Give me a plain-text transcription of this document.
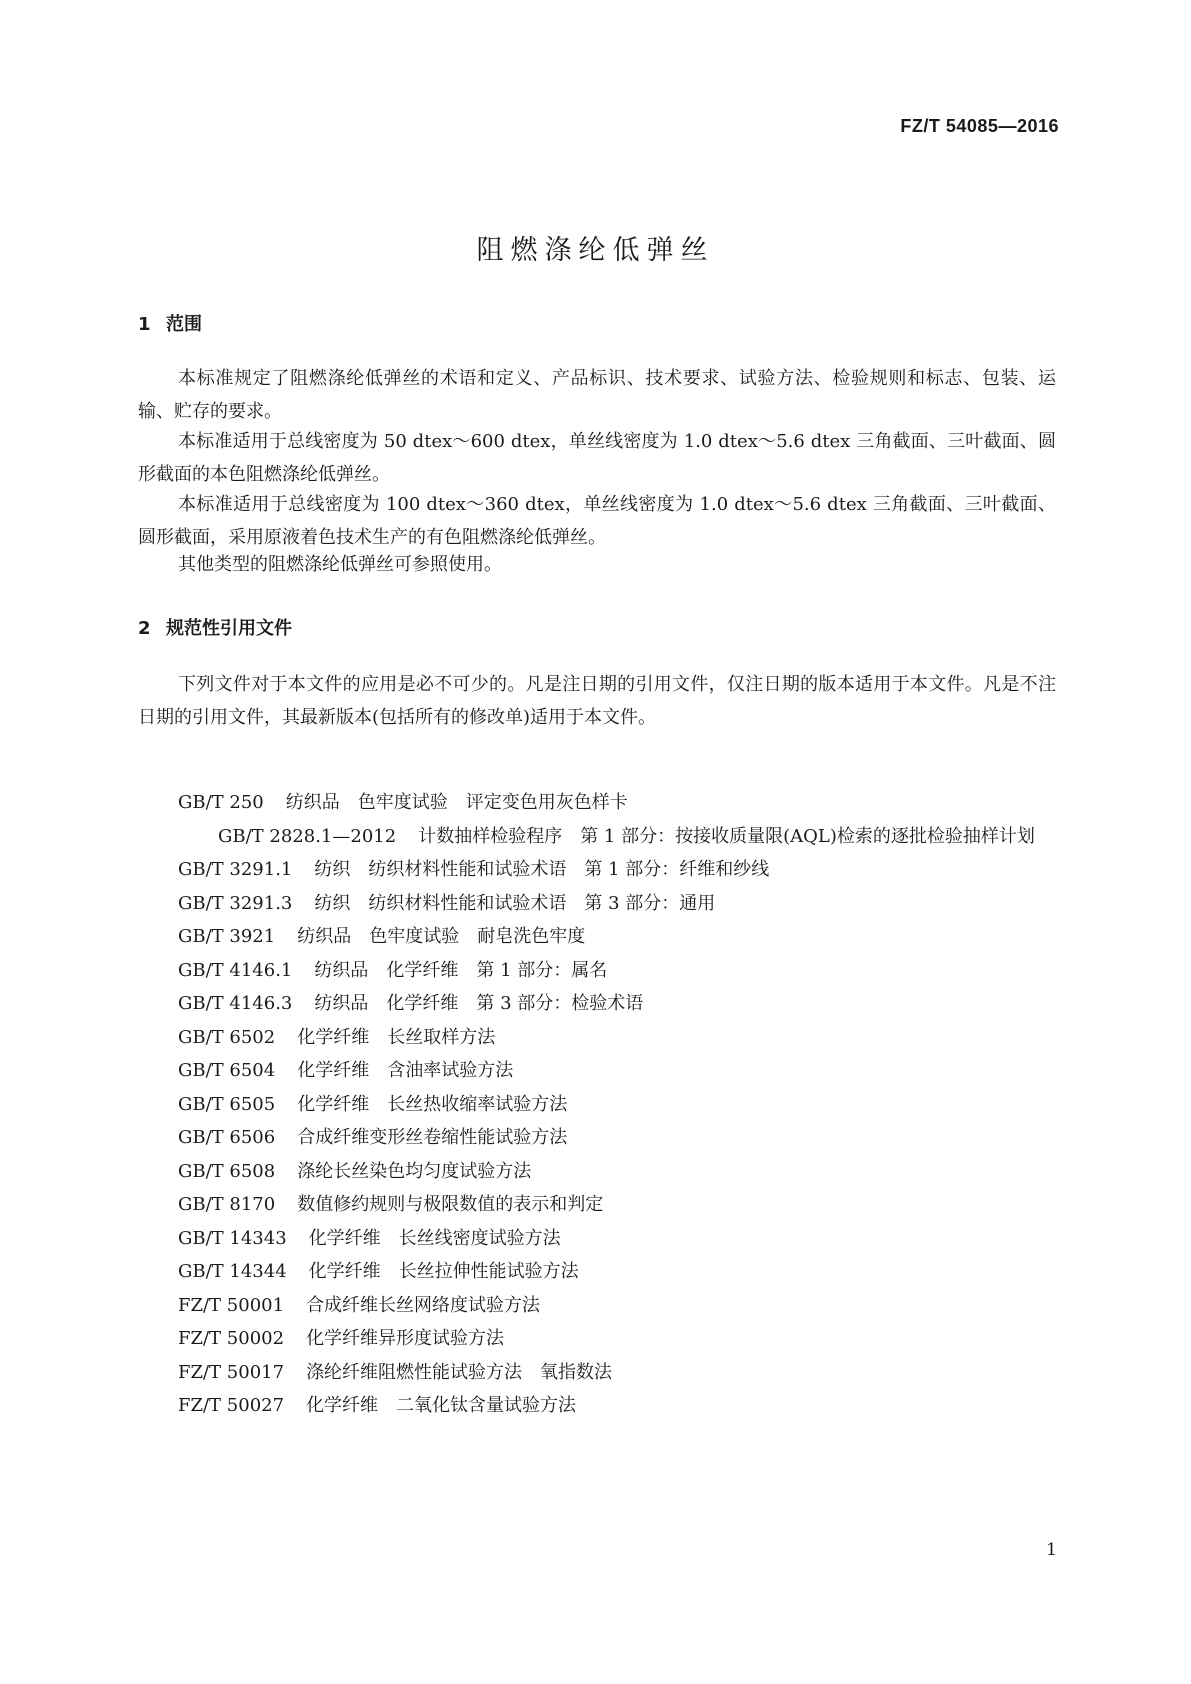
FZ/T 54085—2016
阻燃涤纶低弹丝
1 范围

本标准规定了阻燃涤纶低弹丝的术语和定义、产品标识、技术要求、试验方法、检验规则和标志、包装、运输、贮存的要求。

本标准适用于总线密度为 50 dtex～600 dtex，单丝线密度为 1.0 dtex～5.6 dtex 三角截面、三叶截面、圆形截面的本色阻燃涤纶低弹丝。

本标准适用于总线密度为 100 dtex～360 dtex，单丝线密度为 1.0 dtex～5.6 dtex 三角截面、三叶截面、圆形截面，采用原液着色技术生产的有色阻燃涤纶低弹丝。

其他类型的阻燃涤纶低弹丝可参照使用。

2 规范性引用文件

下列文件对于本文件的应用是必不可少的。凡是注日期的引用文件，仅注日期的版本适用于本文件。凡是不注日期的引用文件，其最新版本(包括所有的修改单)适用于本文件。

GB/T 250 纺织品　色牢度试验　评定变色用灰色样卡

GB/T 2828.1—2012 计数抽样检验程序　第 1 部分：按接收质量限(AQL)检索的逐批检验抽样计划

GB/T 3291.1 纺织　纺织材料性能和试验术语　第 1 部分：纤维和纱线

GB/T 3291.3 纺织　纺织材料性能和试验术语　第 3 部分：通用

GB/T 3921 纺织品　色牢度试验　耐皂洗色牢度

GB/T 4146.1 纺织品　化学纤维　第 1 部分：属名

GB/T 4146.3 纺织品　化学纤维　第 3 部分：检验术语

GB/T 6502 化学纤维　长丝取样方法

GB/T 6504 化学纤维　含油率试验方法

GB/T 6505 化学纤维　长丝热收缩率试验方法

GB/T 6506 合成纤维变形丝卷缩性能试验方法

GB/T 6508 涤纶长丝染色均匀度试验方法

GB/T 8170 数值修约规则与极限数值的表示和判定

GB/T 14343 化学纤维　长丝线密度试验方法

GB/T 14344 化学纤维　长丝拉伸性能试验方法

FZ/T 50001 合成纤维长丝网络度试验方法

FZ/T 50002 化学纤维异形度试验方法

FZ/T 50017 涤纶纤维阻燃性能试验方法　氧指数法

FZ/T 50027 化学纤维　二氧化钛含量试验方法

1
